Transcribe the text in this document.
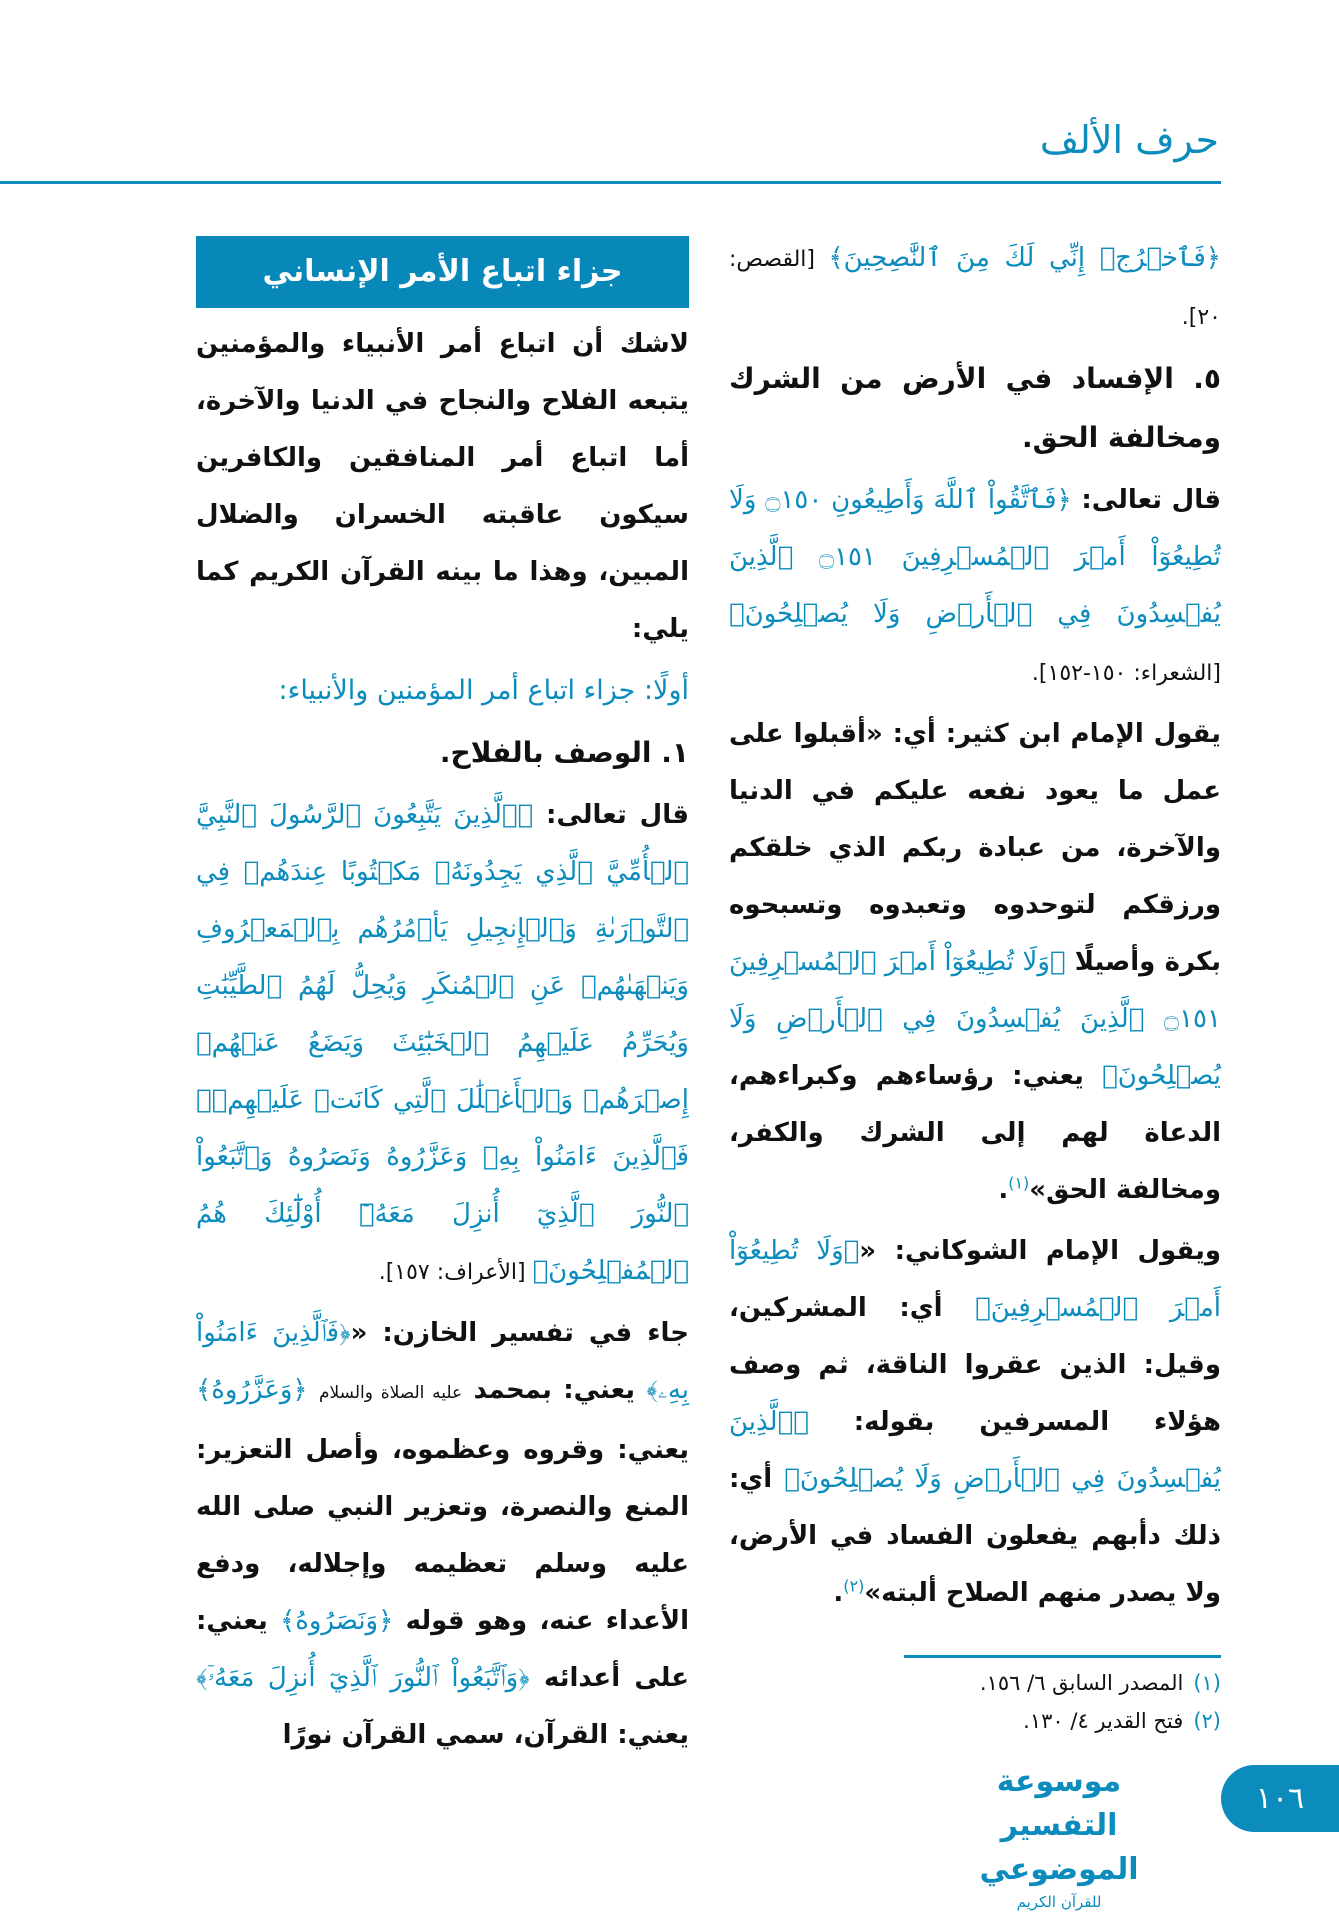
حرف الألف

﴿فَٱخۡرُجۡ إِنِّي لَكَ مِنَ ٱلنَّٰصِحِينَ﴾ [القصص: ٢٠].

٥. الإفساد في الأرض من الشرك ومخالفة الحق.

قال تعالى: ﴿فَٱتَّقُواْ ٱللَّهَ وَأَطِيعُونِ ۝١٥٠ وَلَا تُطِيعُوٓاْ أَمۡرَ ٱلۡمُسۡرِفِينَ ۝١٥١ ٱلَّذِينَ يُفۡسِدُونَ فِي ٱلۡأَرۡضِ وَلَا يُصۡلِحُونَ﴾ [الشعراء: ١٥٠-١٥٢].

يقول الإمام ابن كثير: أي: «أقبلوا على عمل ما يعود نفعه عليكم في الدنيا والآخرة، من عبادة ربكم الذي خلقكم ورزقكم لتوحدوه وتعبدوه وتسبحوه بكرة وأصيلًا ﴿وَلَا تُطِيعُوٓاْ أَمۡرَ ٱلۡمُسۡرِفِينَ ۝١٥١ ٱلَّذِينَ يُفۡسِدُونَ فِي ٱلۡأَرۡضِ وَلَا يُصۡلِحُونَ﴾ يعني: رؤساءهم وكبراءهم، الدعاة لهم إلى الشرك والكفر، ومخالفة الحق»$^{(١)}$.

ويقول الإمام الشوكاني: «﴿وَلَا تُطِيعُوٓاْ أَمۡرَ ٱلۡمُسۡرِفِينَ﴾ أي: المشركين، وقيل: الذين عقروا الناقة، ثم وصف هؤلاء المسرفين بقوله: ﴿ٱلَّذِينَ يُفۡسِدُونَ فِي ٱلۡأَرۡضِ وَلَا يُصۡلِحُونَ﴾ أي: ذلك دأبهم يفعلون الفساد في الأرض، ولا يصدر منهم الصلاح ألبته»$^{(٢)}$.

جزاء اتباع الأمر الإنساني

لاشك أن اتباع أمر الأنبياء والمؤمنين يتبعه الفلاح والنجاح في الدنيا والآخرة، أما اتباع أمر المنافقين والكافرين سيكون عاقبته الخسران والضلال المبين، وهذا ما بينه القرآن الكريم كما يلي:

أولًا: جزاء اتباع أمر المؤمنين والأنبياء:

١. الوصف بالفلاح.

قال تعالى: ﴿ٱلَّذِينَ يَتَّبِعُونَ ٱلرَّسُولَ ٱلنَّبِيَّ ٱلۡأُمِّيَّ ٱلَّذِي يَجِدُونَهُۥ مَكۡتُوبًا عِندَهُمۡ فِي ٱلتَّوۡرَىٰةِ وَٱلۡإِنجِيلِ يَأۡمُرُهُم بِٱلۡمَعۡرُوفِ وَيَنۡهَىٰهُمۡ عَنِ ٱلۡمُنكَرِ وَيُحِلُّ لَهُمُ ٱلطَّيِّبَٰتِ وَيُحَرِّمُ عَلَيۡهِمُ ٱلۡخَبَٰٓئِثَ وَيَضَعُ عَنۡهُمۡ إِصۡرَهُمۡ وَٱلۡأَغۡلَٰلَ ٱلَّتِي كَانَتۡ عَلَيۡهِمۡۚ فَٱلَّذِينَ ءَامَنُواْ بِهِۦ وَعَزَّرُوهُ وَنَصَرُوهُ وَٱتَّبَعُواْ ٱلنُّورَ ٱلَّذِيٓ أُنزِلَ مَعَهُۥٓ أُوْلَٰٓئِكَ هُمُ ٱلۡمُفۡلِحُونَ﴾ [الأعراف: ١٥٧].

جاء في تفسير الخازن: «﴿فَٱلَّذِينَ ءَامَنُواْ بِهِۦ﴾ يعني: بمحمد عليه الصلاة والسلام ﴿وَعَزَّرُوهُ﴾ يعني: وقروه وعظموه، وأصل التعزير: المنع والنصرة، وتعزير النبي صلى الله عليه وسلم تعظيمه وإجلاله، ودفع الأعداء عنه، وهو قوله ﴿وَنَصَرُوهُ﴾ يعني: على أعدائه ﴿وَٱتَّبَعُواْ ٱلنُّورَ ٱلَّذِيٓ أُنزِلَ مَعَهُۥٓ﴾ يعني: القرآن، سمي القرآن نورًا

(١)المصدر السابق ٦/ ١٥٦.
(٢)فتح القدير ٤/ ١٣٠.
موسوعة التفسير الموضوعي
للقرآن الكريم
١٠٦
